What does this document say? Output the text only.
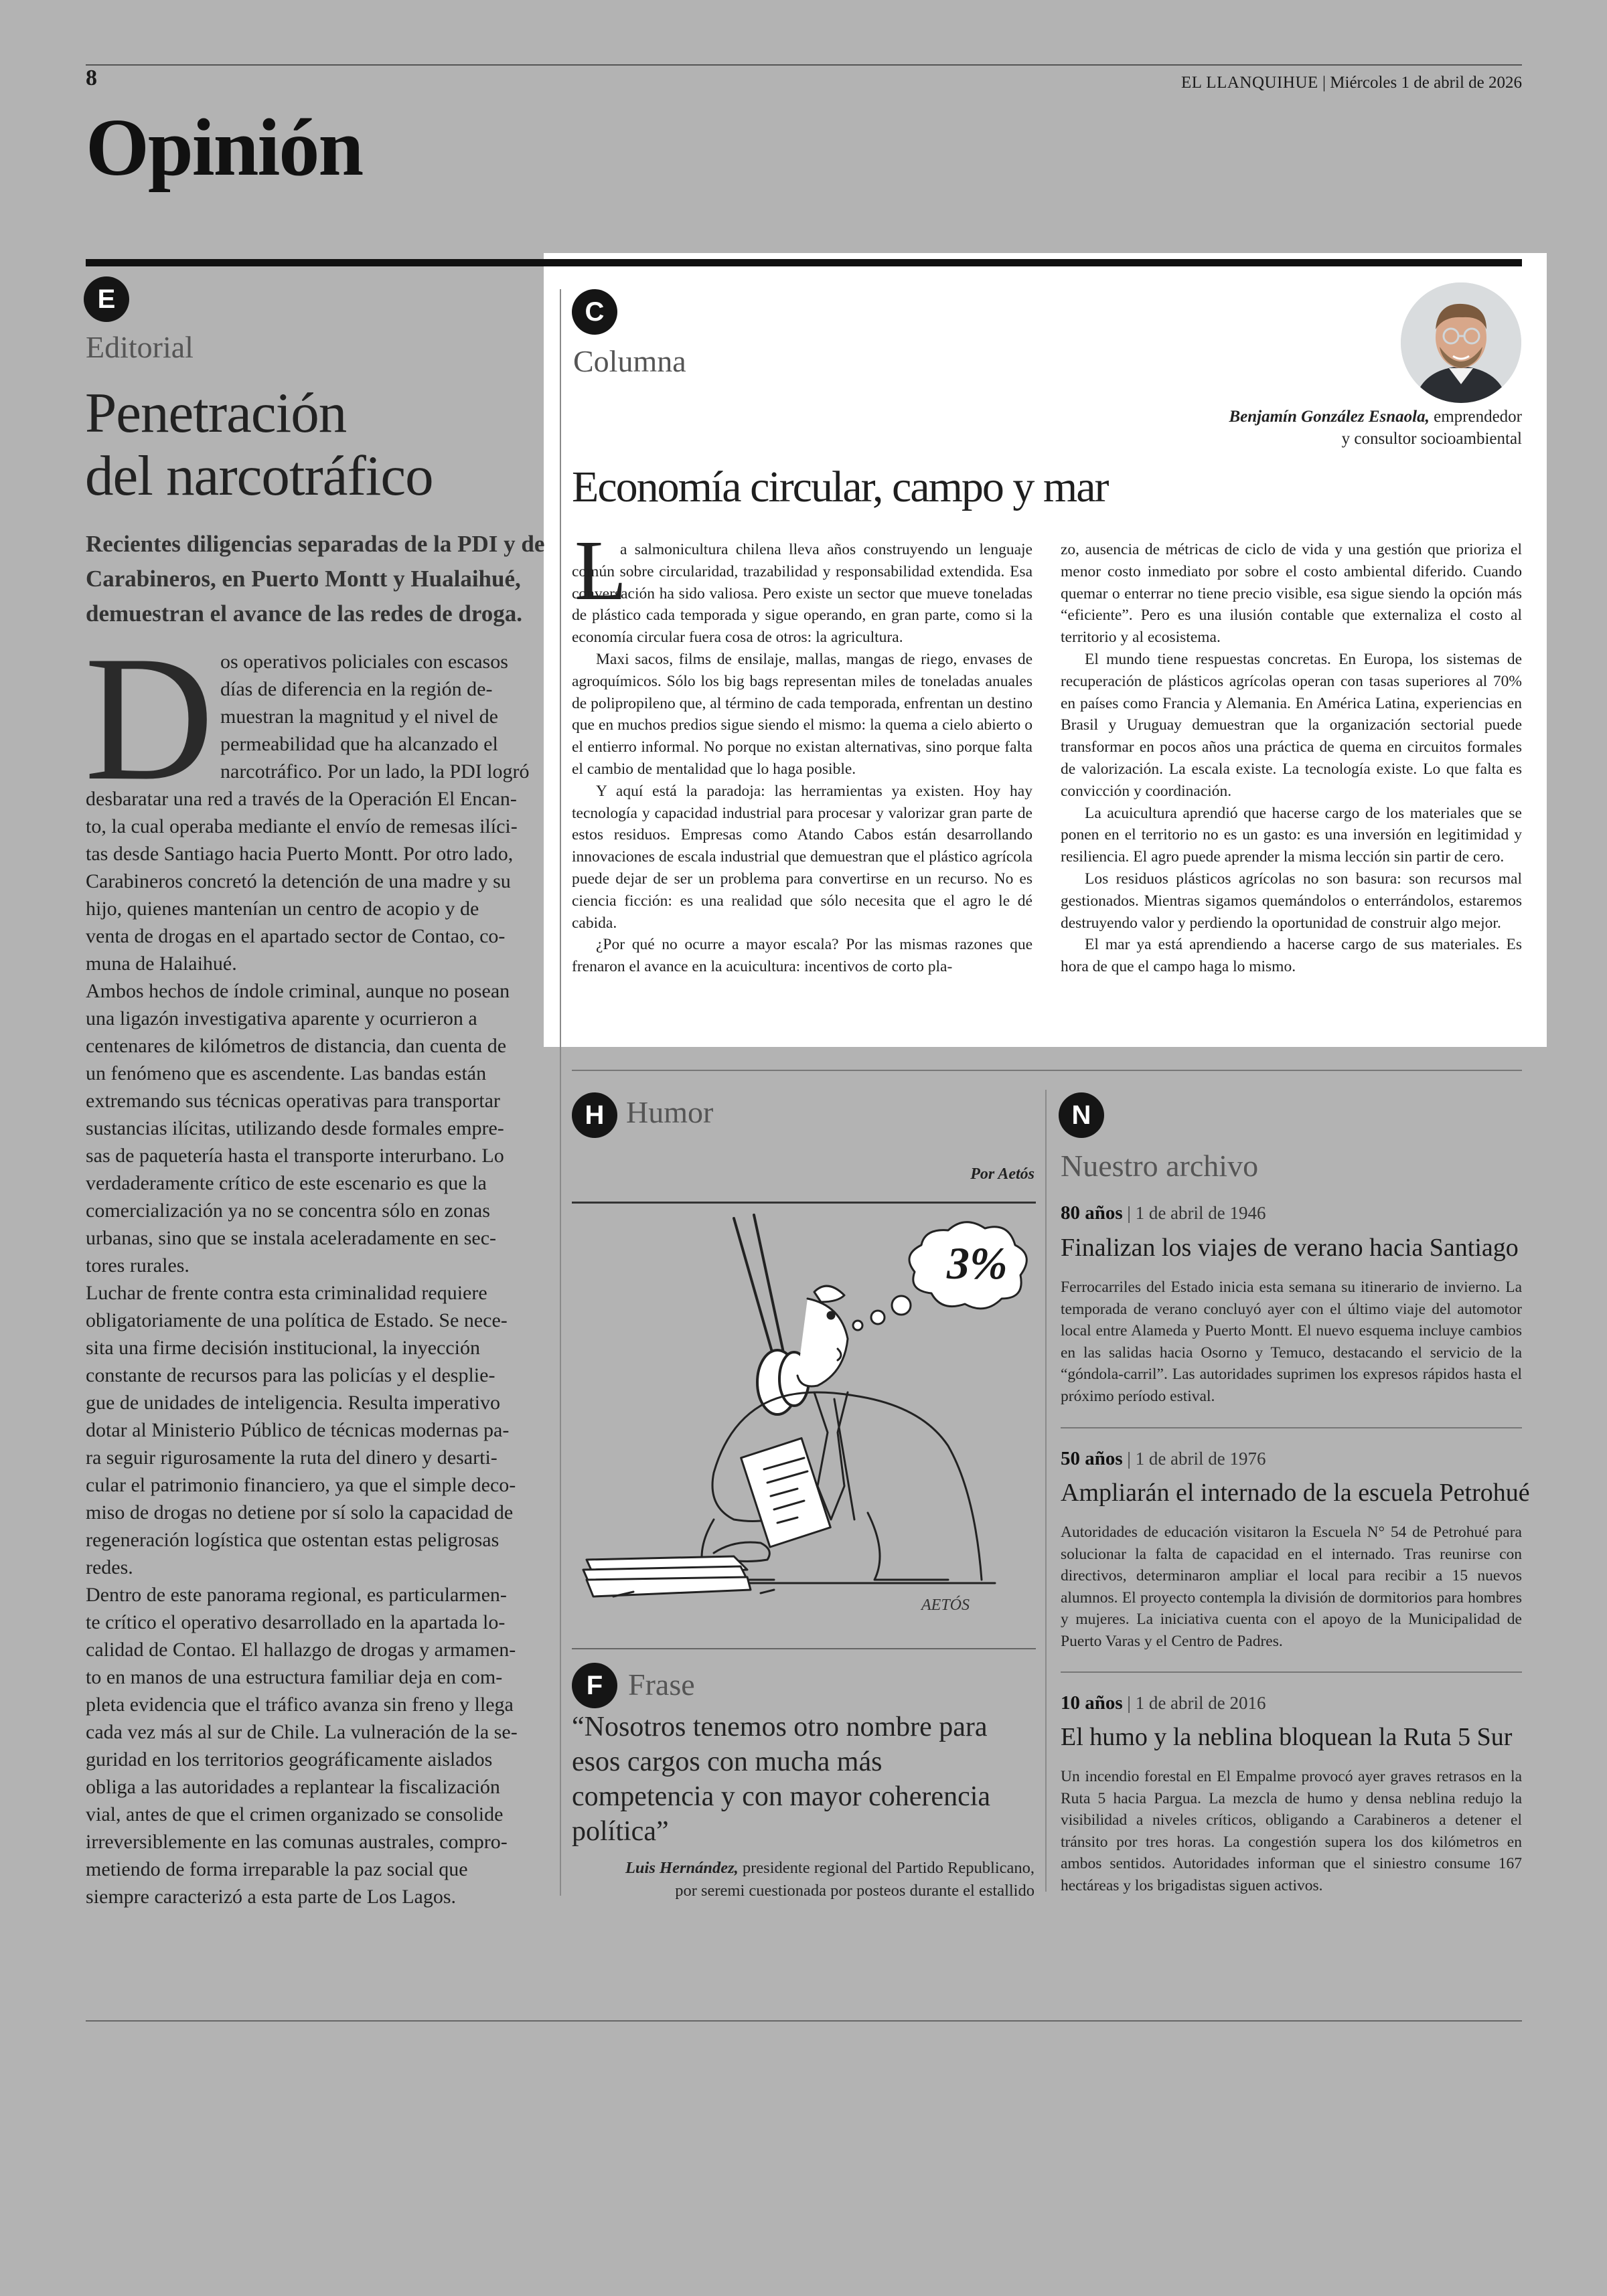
8	EL LLANQUIHUE | Miércoles 1 de abril de 2026
Opinión
E
Editorial
Penetración
del narcotráfico
Recientes diligencias separadas de la PDI y de
Carabineros, en Puerto Montt y Hualaihué,
demuestran el avance de las redes de droga.
D os operativos policiales con escasos
días de diferencia en la región de-
muestran la magnitud y el nivel de
permeabilidad que ha alcanzado el
narcotráfico. Por un lado, la PDI logró
desbaratar una red a través de la Operación El Encan-
to, la cual operaba mediante el envío de remesas ilíci-
tas desde Santiago hacia Puerto Montt. Por otro lado,
Carabineros concretó la detención de una madre y su
hijo, quienes mantenían un centro de acopio y de
venta de drogas en el apartado sector de Contao, co-
muna de Halaihué.
Ambos hechos de índole criminal, aunque no posean
una ligazón investigativa aparente y ocurrieron a
centenares de kilómetros de distancia, dan cuenta de
un fenómeno que es ascendente. Las bandas están
extremando sus técnicas operativas para transportar
sustancias ilícitas, utilizando desde formales empre-
sas de paquetería hasta el transporte interurbano. Lo
verdaderamente crítico de este escenario es que la
comercialización ya no se concentra sólo en zonas
urbanas, sino que se instala aceleradamente en sec-
tores rurales.
Luchar de frente contra esta criminalidad requiere
obligatoriamente de una política de Estado. Se nece-
sita una firme decisión institucional, la inyección
constante de recursos para las policías y el desplie-
gue de unidades de inteligencia. Resulta imperativo
dotar al Ministerio Público de técnicas modernas pa-
ra seguir rigurosamente la ruta del dinero y desarti-
cular el patrimonio financiero, ya que el simple deco-
miso de drogas no detiene por sí solo la capacidad de
regeneración logística que ostentan estas peligrosas
redes.
Dentro de este panorama regional, es particularmen-
te crítico el operativo desarrollado en la apartada lo-
calidad de Contao. El hallazgo de drogas y armamen-
to en manos de una estructura familiar deja en com-
pleta evidencia que el tráfico avanza sin freno y llega
cada vez más al sur de Chile. La vulneración de la se-
guridad en los territorios geográficamente aislados
obliga a las autoridades a replantear la fiscalización
vial, antes de que el crimen organizado se consolide
irreversiblemente en las comunas australes, compro-
metiendo de forma irreparable la paz social que
siempre caracterizó a esta parte de Los Lagos.
C
Columna
Benjamín González Esnaola, emprendedor
y consultor socioambiental
Economía circular, campo y mar
L

a salmonicultura chilena lleva años construyendo un lenguaje común sobre circularidad, trazabilidad y responsabilidad extendida. Esa conversación ha sido valiosa. Pero existe un sector que mueve toneladas de plástico cada temporada y sigue operando, en gran parte, como si la economía circular fuera cosa de otros: la agricultura.

Maxi sacos, films de ensilaje, mallas, mangas de riego, envases de agroquímicos. Sólo los big bags representan miles de toneladas anuales de polipropileno que, al término de cada temporada, enfrentan un destino que en muchos predios sigue siendo el mismo: la quema a cielo abierto o el entierro informal. No porque no existan alternativas, sino porque falta el cambio de mentalidad que lo haga posible.

Y aquí está la paradoja: las herramientas ya existen. Hoy hay tecnología y capacidad industrial para procesar y valorizar gran parte de estos residuos. Empresas como Atando Cabos están desarrollando innovaciones de escala industrial que demuestran que el plástico agrícola puede dejar de ser un problema para convertirse en un recurso. No es ciencia ficción: es una realidad que sólo necesita que el agro le dé cabida.

¿Por qué no ocurre a mayor escala? Por las mismas razones que frenaron el avance en la acuicultura: incentivos de corto pla-

zo, ausencia de métricas de ciclo de vida y una gestión que prioriza el menor costo inmediato por sobre el costo ambiental diferido. Cuando quemar o enterrar no tiene precio visible, esa sigue siendo la opción más “eficiente”. Pero es una ilusión contable que externaliza el costo al territorio y al ecosistema.

El mundo tiene respuestas concretas. En Europa, los sistemas de recuperación de plásticos agrícolas operan con tasas superiores al 70% en países como Francia y Alemania. En América Latina, experiencias en Brasil y Uruguay demuestran que la organización sectorial puede transformar en pocos años una práctica de quema en circuitos formales de valorización. La escala existe. La tecnología existe. Lo que falta es convicción y coordinación.

La acuicultura aprendió que hacerse cargo de los materiales que se ponen en el territorio no es un gasto: es una inversión en legitimidad y resiliencia. El agro puede aprender la misma lección sin partir de cero.

Los residuos plásticos agrícolas no son basura: son recursos mal gestionados. Mientras sigamos quemándolos o enterrándolos, estaremos destruyendo valor y perdiendo la oportunidad de construir algo mejor.

El mar ya está aprendiendo a hacerse cargo de sus materiales. Es hora de que el campo haga lo mismo.

H Humor
Por Aetós
3%
AETÓS
F Frase
“Nosotros tenemos otro nombre para
esos cargos con mucha más
competencia y con mayor coherencia
política”
Luis Hernández, presidente regional del Partido Republicano,
por seremi cuestionada por posteos durante el estallido
N
Nuestro archivo
80 años | 1 de abril de 1946
Finalizan los viajes de verano hacia Santiago
Ferrocarriles del Estado inicia esta semana su itinerario de invierno. La temporada de verano concluyó ayer con el último viaje del automotor local entre Alameda y Puerto Montt. El nuevo esquema incluye cambios en las salidas hacia Osorno y Temuco, destacando el servicio de la “góndola-carril”. Las autoridades suprimen los expresos rápidos hasta el próximo período estival.
50 años | 1 de abril de 1976
Ampliarán el internado de la escuela Petrohué
Autoridades de educación visitaron la Escuela N° 54 de Petrohué para solucionar la falta de capacidad en el internado. Tras reunirse con directivos, determinaron ampliar el local para recibir a 15 nuevos alumnos. El proyecto contempla la división de dormitorios para hombres y mujeres. La iniciativa cuenta con el apoyo de la Municipalidad de Puerto Varas y el Centro de Padres.
10 años | 1 de abril de 2016
El humo y la neblina bloquean la Ruta 5 Sur
Un incendio forestal en El Empalme provocó ayer graves retrasos en la Ruta 5 hacia Pargua. La mezcla de humo y densa neblina redujo la visibilidad a niveles críticos, obligando a Carabineros a detener el tránsito por tres horas. La congestión supera los dos kilómetros en ambos sentidos. Autoridades informan que el siniestro consume 167 hectáreas y los brigadistas siguen activos.
